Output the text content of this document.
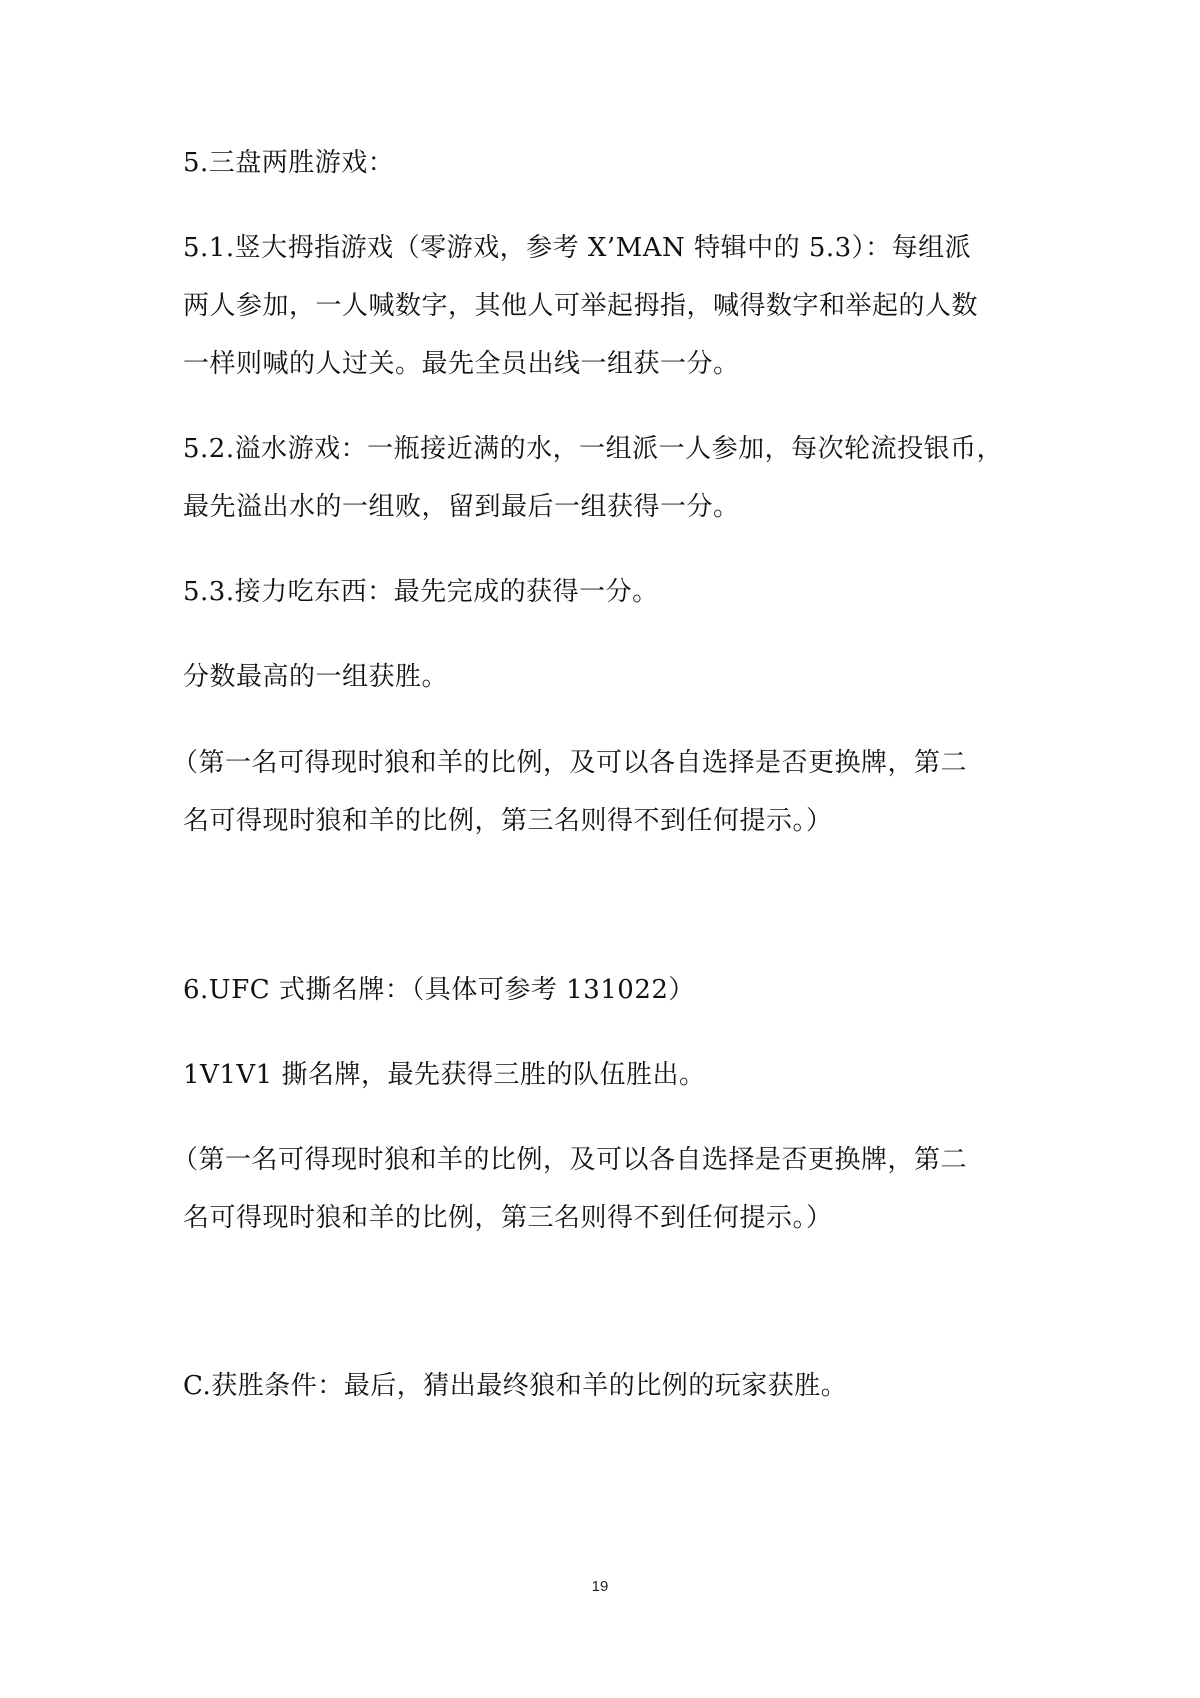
5.三盘两胜游戏：

5.1.竖大拇指游戏（零游戏，参考 X’MAN 特辑中的 5.3）：每组派
两人参加，一人喊数字，其他人可举起拇指，喊得数字和举起的人数
一样则喊的人过关。最先全员出线一组获一分。

5.2.溢水游戏：一瓶接近满的水，一组派一人参加，每次轮流投银币，
最先溢出水的一组败，留到最后一组获得一分。

5.3.接力吃东西：最先完成的获得一分。

分数最高的一组获胜。

（第一名可得现时狼和羊的比例，及可以各自选择是否更换牌，第二
名可得现时狼和羊的比例，第三名则得不到任何提示。）

6.UFC 式撕名牌：（具体可参考 131022）

1V1V1 撕名牌，最先获得三胜的队伍胜出。

（第一名可得现时狼和羊的比例，及可以各自选择是否更换牌，第二
名可得现时狼和羊的比例，第三名则得不到任何提示。）

C.获胜条件：最后，猜出最终狼和羊的比例的玩家获胜。

19
